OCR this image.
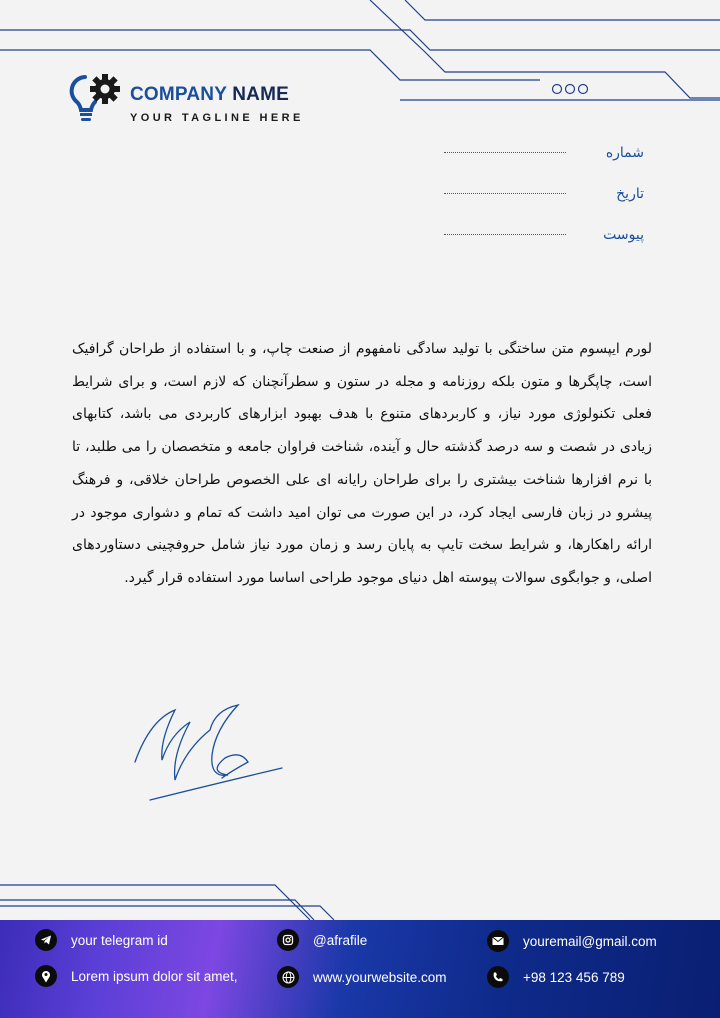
COMPANY NAME
YOUR TAGLINE HERE
شماره
تاریخ
پیوست
لورم ایپسوم متن ساختگی با تولید سادگی نامفهوم از صنعت چاپ، و با استفاده از طراحان گرافیک است، چاپگرها و متون بلکه روزنامه و مجله در ستون و سطرآنچنان که لازم است، و برای شرایط فعلی تکنولوژی مورد نیاز، و کاربردهای متنوع با هدف بهبود ابزارهای کاربردی می باشد، کتابهای زیادی در شصت و سه درصد گذشته حال و آینده، شناخت فراوان جامعه و متخصصان را می طلبد، تا با نرم افزارها شناخت بیشتری را برای طراحان رایانه ای علی الخصوص طراحان خلاقی، و فرهنگ پیشرو در زبان فارسی ایجاد کرد، در این صورت می توان امید داشت که تمام و دشواری موجود در ارائه راهکارها، و شرایط سخت تایپ به پایان رسد و زمان مورد نیاز شامل حروفچینی دستاوردهای اصلی، و جوابگوی سوالات پیوسته اهل دنیای موجود طراحی اساسا مورد استفاده قرار گیرد.
your telegram id	@afrafile	youremail@gmail.com
Lorem ipsum dolor sit amet,	www.yourwebsite.com	+98 123 456 789
